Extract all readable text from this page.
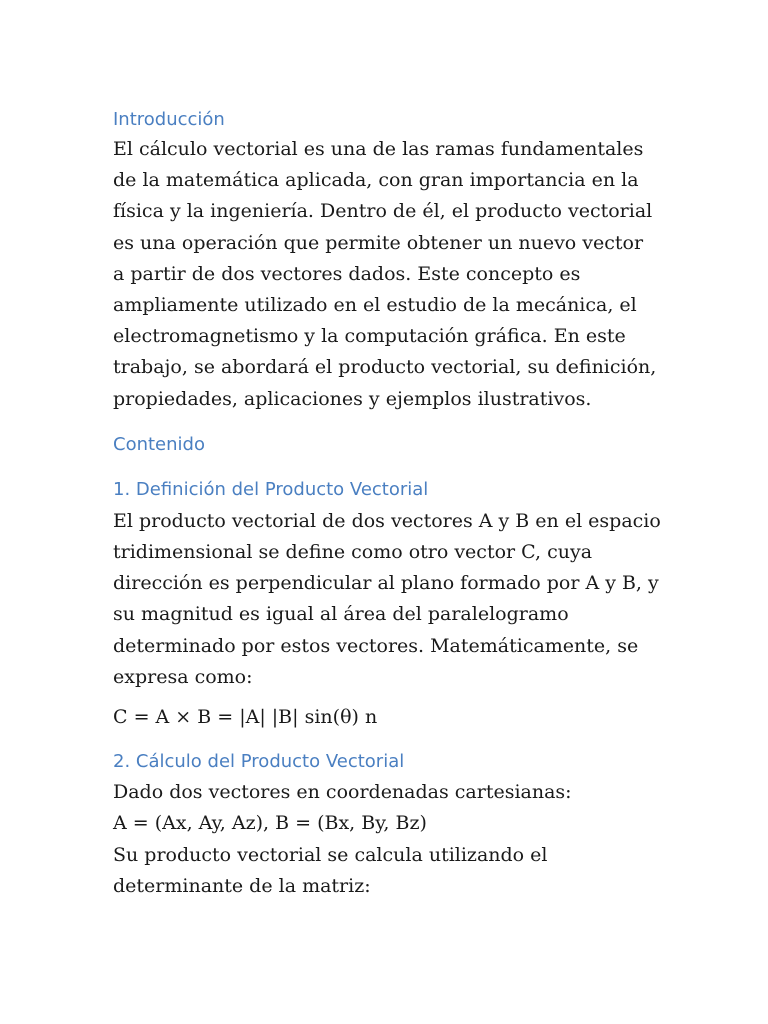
Introducción
El cálculo vectorial es una de las ramas fundamentales
de la matemática aplicada, con gran importancia en la
física y la ingeniería. Dentro de él, el producto vectorial
es una operación que permite obtener un nuevo vector
a partir de dos vectores dados. Este concepto es
ampliamente utilizado en el estudio de la mecánica, el
electromagnetismo y la computación gráfica. En este
trabajo, se abordará el producto vectorial, su definición,
propiedades, aplicaciones y ejemplos ilustrativos.
Contenido
1. Definición del Producto Vectorial
El producto vectorial de dos vectores A y B en el espacio
tridimensional se define como otro vector C, cuya
dirección es perpendicular al plano formado por A y B, y
su magnitud es igual al área del paralelogramo
determinado por estos vectores. Matemáticamente, se
expresa como:
C = A × B = |A| |B| sin(θ) n
2. Cálculo del Producto Vectorial
Dado dos vectores en coordenadas cartesianas:
A = (Ax, Ay, Az), B = (Bx, By, Bz)
Su producto vectorial se calcula utilizando el
determinante de la matriz:
